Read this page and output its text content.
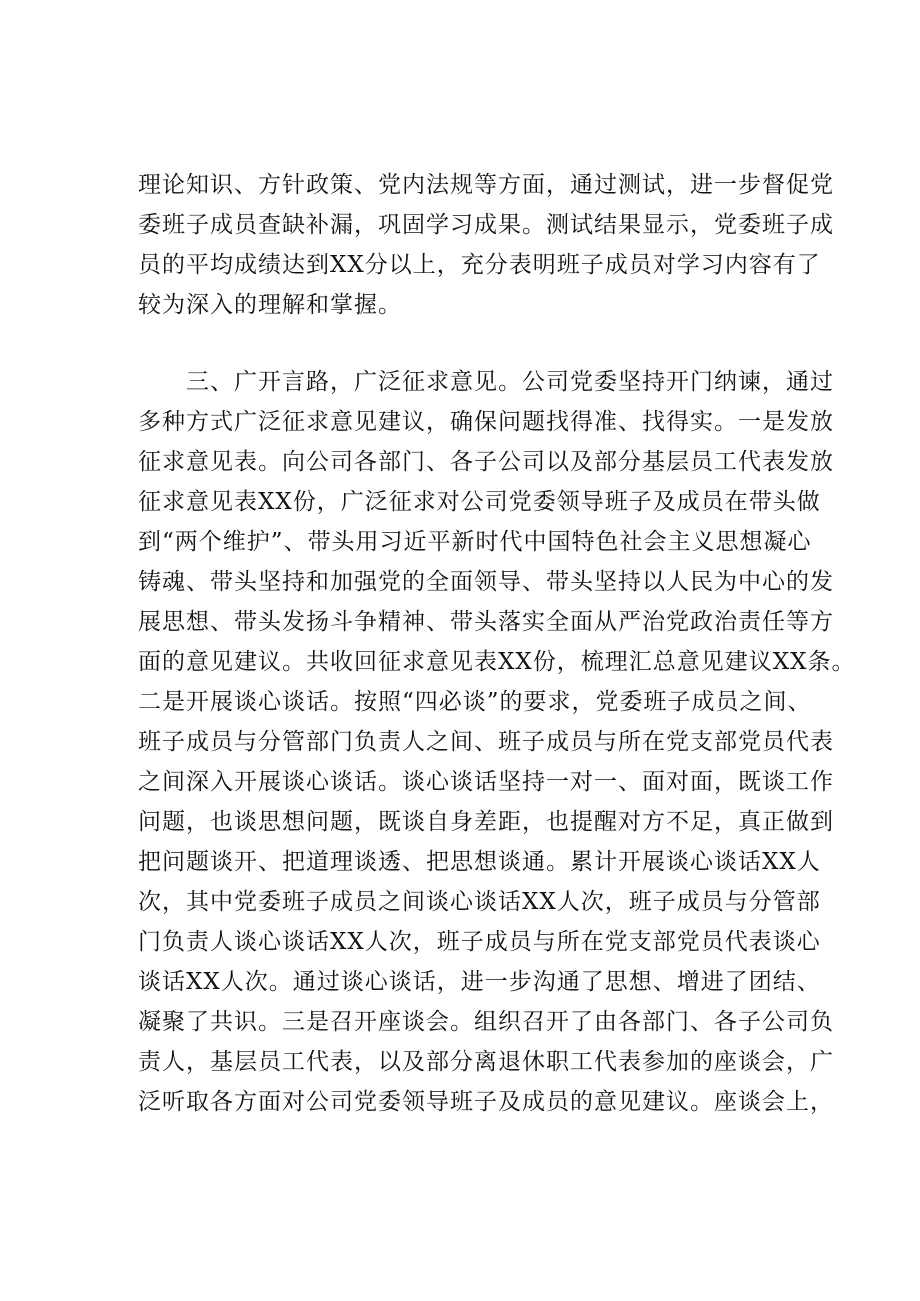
理论知识、方针政策、党内法规等方面，通过测试，进一步督促党
委班子成员查缺补漏，巩固学习成果。测试结果显示，党委班子成
员的平均成绩达到XX分以上，充分表明班子成员对学习内容有了
较为深入的理解和掌握。
　　三、广开言路，广泛征求意见。公司党委坚持开门纳谏，通过
多种方式广泛征求意见建议，确保问题找得准、找得实。一是发放
征求意见表。向公司各部门、各子公司以及部分基层员工代表发放
征求意见表XX份，广泛征求对公司党委领导班子及成员在带头做
到“两个维护”、带头用习近平新时代中国特色社会主义思想凝心
铸魂、带头坚持和加强党的全面领导、带头坚持以人民为中心的发
展思想、带头发扬斗争精神、带头落实全面从严治党政治责任等方
面的意见建议。共收回征求意见表XX份，梳理汇总意见建议XX条。
二是开展谈心谈话。按照“四必谈”的要求，党委班子成员之间、
班子成员与分管部门负责人之间、班子成员与所在党支部党员代表
之间深入开展谈心谈话。谈心谈话坚持一对一、面对面，既谈工作
问题，也谈思想问题，既谈自身差距，也提醒对方不足，真正做到
把问题谈开、把道理谈透、把思想谈通。累计开展谈心谈话XX人
次，其中党委班子成员之间谈心谈话XX人次，班子成员与分管部
门负责人谈心谈话XX人次，班子成员与所在党支部党员代表谈心
谈话XX人次。通过谈心谈话，进一步沟通了思想、增进了团结、
凝聚了共识。三是召开座谈会。组织召开了由各部门、各子公司负
责人，基层员工代表，以及部分离退休职工代表参加的座谈会，广
泛听取各方面对公司党委领导班子及成员的意见建议。座谈会上，
